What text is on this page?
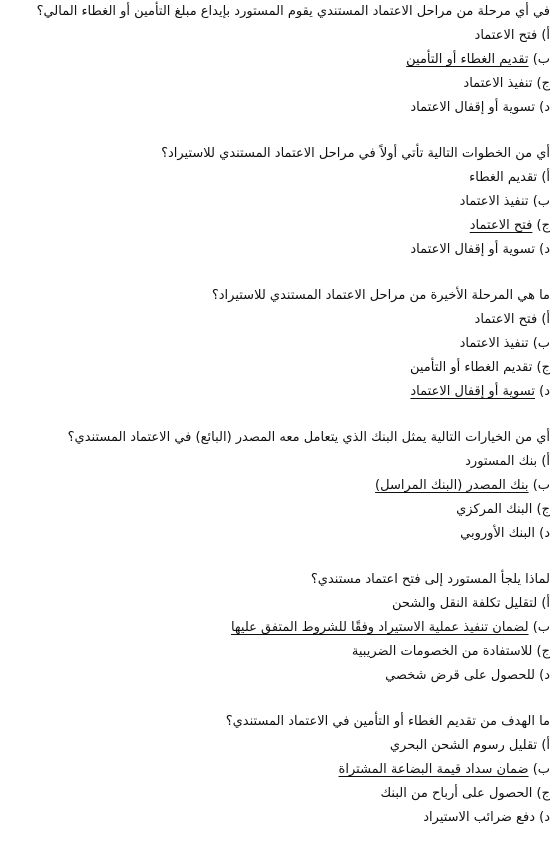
في أي مرحلة من مراحل الاعتماد المستندي يقوم المستورد بإيداع مبلغ التأمين أو الغطاء المالي؟
أ) فتح الاعتماد
ب) تقديم الغطاء أو التأمين
ج) تنفيذ الاعتماد
د) تسوية أو إقفال الاعتماد
أي من الخطوات التالية تأتي أولاً في مراحل الاعتماد المستندي للاستيراد؟
أ) تقديم الغطاء
ب) تنفيذ الاعتماد
ج) فتح الاعتماد
د) تسوية أو إقفال الاعتماد
ما هي المرحلة الأخيرة من مراحل الاعتماد المستندي للاستيراد؟
أ) فتح الاعتماد
ب) تنفيذ الاعتماد
ج) تقديم الغطاء أو التأمين
د) تسوية أو إقفال الاعتماد
أي من الخيارات التالية يمثل البنك الذي يتعامل معه المصدر (البائع) في الاعتماد المستندي؟
أ) بنك المستورد
ب) بنك المصدر (البنك المراسل)
ج) البنك المركزي
د) البنك الأوروبي
لماذا يلجأ المستورد إلى فتح اعتماد مستندي؟
أ) لتقليل تكلفة النقل والشحن
ب) لضمان تنفيذ عملية الاستيراد وفقًا للشروط المتفق عليها
ج) للاستفادة من الخصومات الضريبية
د) للحصول على قرض شخصي
ما الهدف من تقديم الغطاء أو التأمين في الاعتماد المستندي؟
أ) تقليل رسوم الشحن البحري
ب) ضمان سداد قيمة البضاعة المشتراة
ج) الحصول على أرباح من البنك
د) دفع ضرائب الاستيراد
